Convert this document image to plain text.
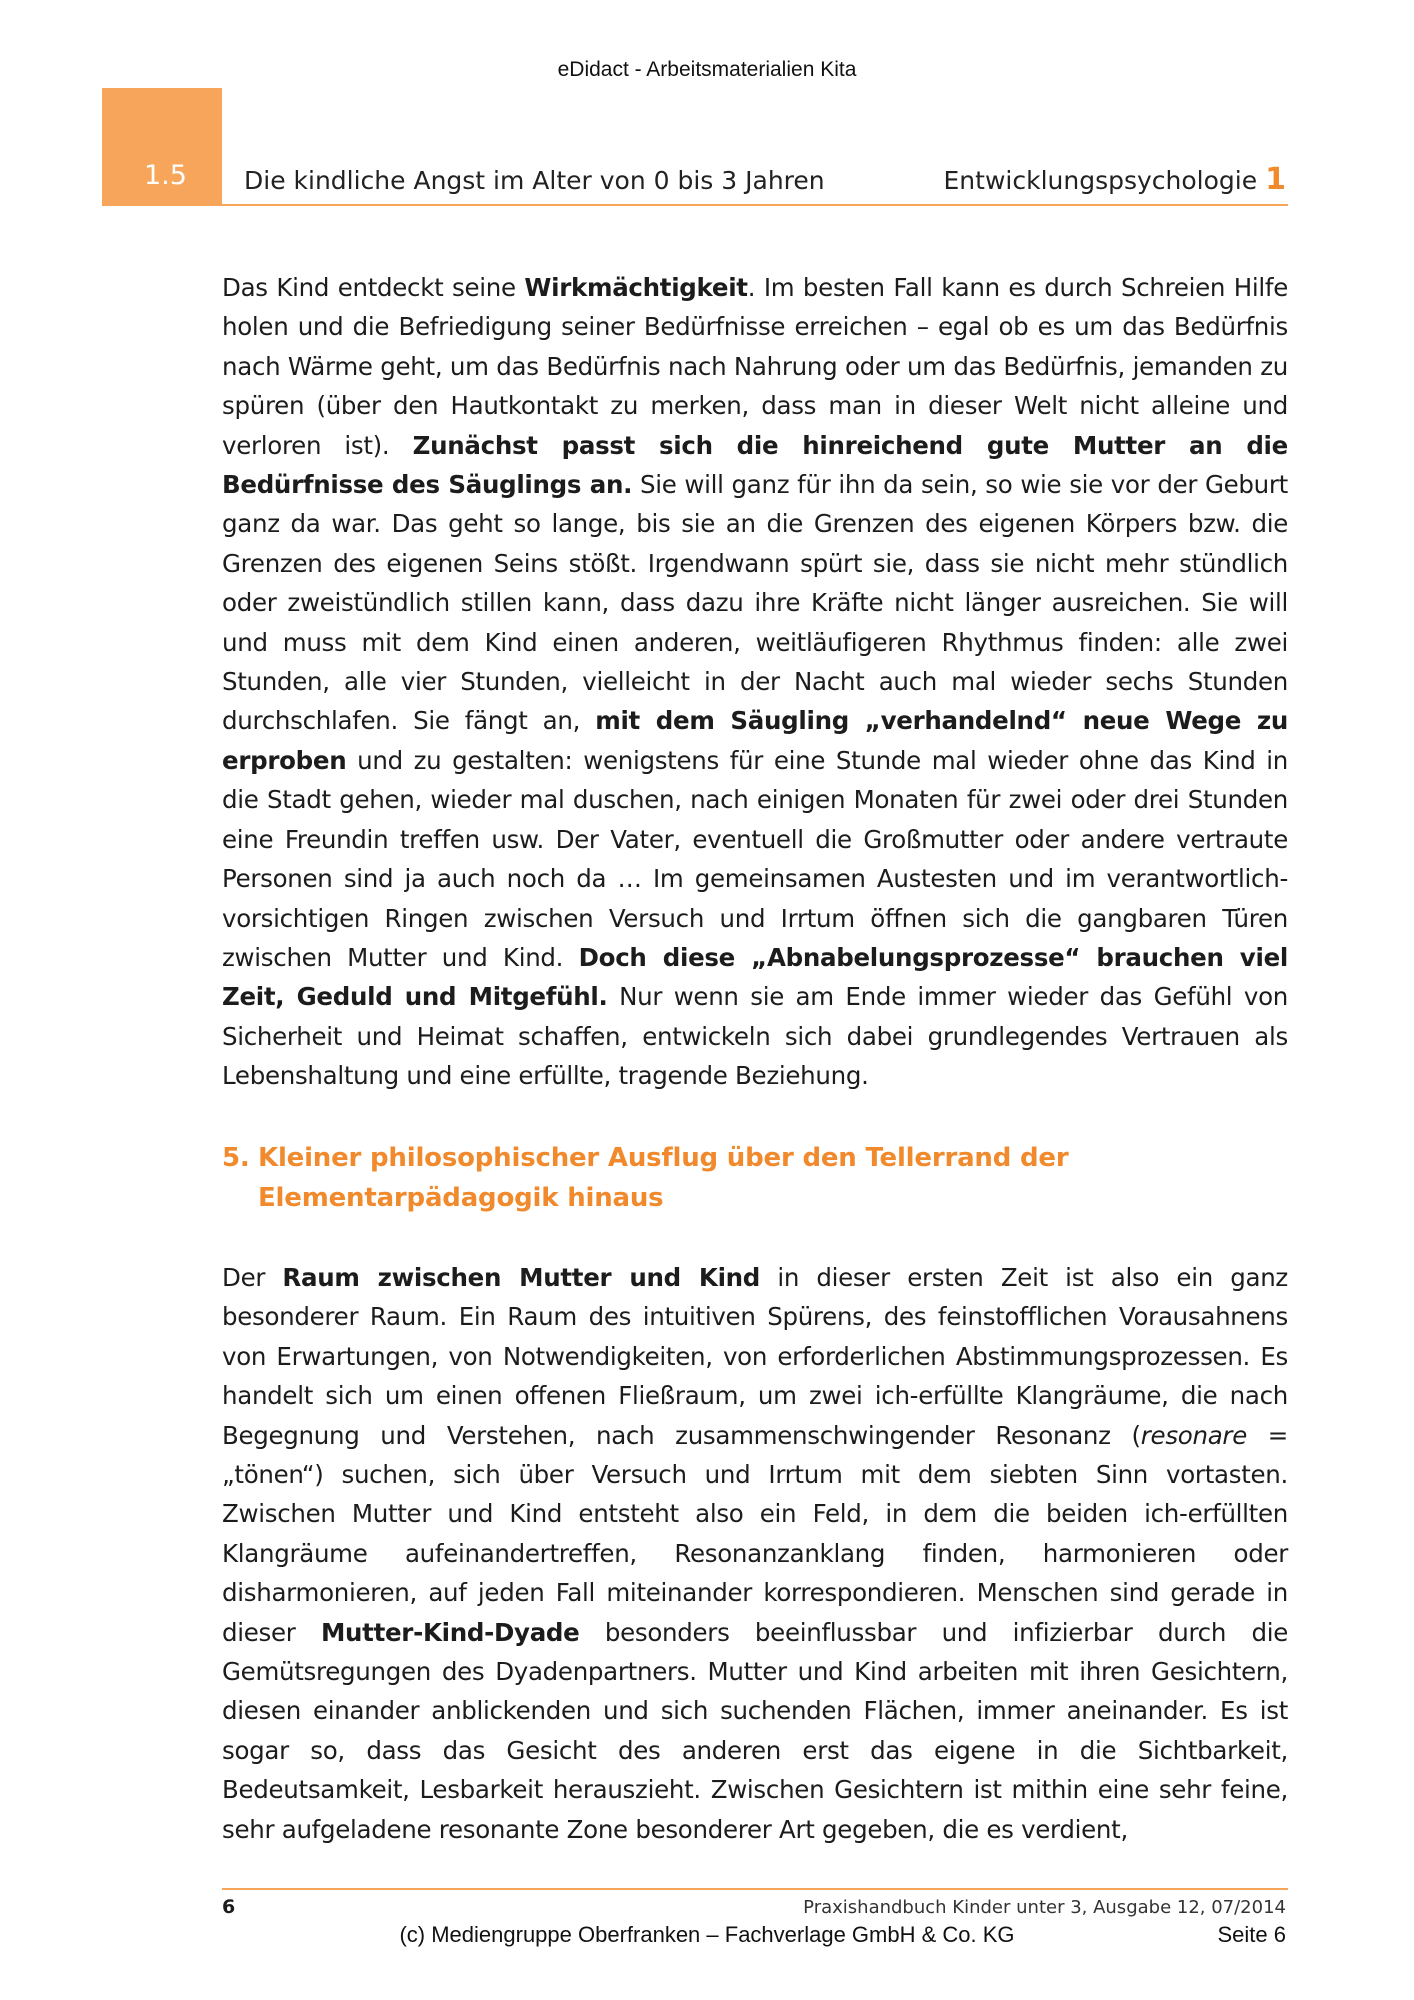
eDidact - Arbeitsmaterialien Kita
1.5 Die kindliche Angst im Alter von 0 bis 3 Jahren	Entwicklungspsychologie 1

Das Kind entdeckt seine Wirkmächtigkeit. Im besten Fall kann es durch Schreien Hilfe holen und die Befriedigung seiner Bedürfnisse erreichen – egal ob es um das Bedürfnis nach Wärme geht, um das Bedürfnis nach Nahrung oder um das Bedürfnis, jemanden zu spüren (über den Hautkontakt zu merken, dass man in dieser Welt nicht alleine und verloren ist). Zunächst passt sich die hinreichend gute Mutter an die Bedürfnisse des Säuglings an. Sie will ganz für ihn da sein, so wie sie vor der Geburt ganz da war. Das geht so lange, bis sie an die Grenzen des eigenen Körpers bzw. die Grenzen des eigenen Seins stößt. Irgendwann spürt sie, dass sie nicht mehr stündlich oder zweistündlich stillen kann, dass dazu ihre Kräfte nicht länger ausreichen. Sie will und muss mit dem Kind einen anderen, weitläufigeren Rhythmus finden: alle zwei Stunden, alle vier Stunden, vielleicht in der Nacht auch mal wieder sechs Stunden durchschlafen. Sie fängt an, mit dem Säugling „verhandelnd“ neue Wege zu erproben und zu gestalten: wenigstens für eine Stunde mal wieder ohne das Kind in die Stadt gehen, wieder mal duschen, nach einigen Monaten für zwei oder drei Stunden eine Freundin treffen usw. Der Vater, eventuell die Großmutter oder andere vertraute Personen sind ja auch noch da … Im gemeinsamen Austesten und im verantwortlich-vorsichtigen Ringen zwischen Versuch und Irrtum öffnen sich die gangbaren Türen zwischen Mutter und Kind. Doch diese „Abnabelungsprozesse“ brauchen viel Zeit, Geduld und Mitgefühl. Nur wenn sie am Ende immer wieder das Gefühl von Sicherheit und Heimat schaffen, entwickeln sich dabei grundlegendes Vertrauen als Lebenshaltung und eine erfüllte, tragende Beziehung.

5. Kleiner philosophischer Ausflug über den Tellerrand der
Elementarpädagogik hinaus

Der Raum zwischen Mutter und Kind in dieser ersten Zeit ist also ein ganz besonderer Raum. Ein Raum des intuitiven Spürens, des feinstofflichen Vorausahnens von Erwartungen, von Notwendigkeiten, von erforderlichen Abstimmungsprozessen. Es handelt sich um einen offenen Fließraum, um zwei ich-erfüllte Klangräume, die nach Begegnung und Verstehen, nach zusammenschwingender Resonanz (resonare = „tönen“) suchen, sich über Versuch und Irrtum mit dem siebten Sinn vortasten. Zwischen Mutter und Kind entsteht also ein Feld, in dem die beiden ich-erfüllten Klangräume aufeinandertreffen, Resonanzanklang finden, harmonieren oder disharmonieren, auf jeden Fall miteinander korrespondieren. Menschen sind gerade in dieser Mutter-Kind-Dyade besonders beeinflussbar und infizierbar durch die Gemütsregungen des Dyadenpartners. Mutter und Kind arbeiten mit ihren Gesichtern, diesen einander anblickenden und sich suchenden Flächen, immer aneinander. Es ist sogar so, dass das Gesicht des anderen erst das eigene in die Sichtbarkeit, Bedeutsamkeit, Lesbarkeit herauszieht. Zwischen Gesichtern ist mithin eine sehr feine, sehr aufgeladene resonante Zone besonderer Art gegeben, die es verdient,

6	Praxishandbuch Kinder unter 3, Ausgabe 12, 07/2014
(c) Mediengruppe Oberfranken – Fachverlage GmbH & Co. KG	Seite 6
